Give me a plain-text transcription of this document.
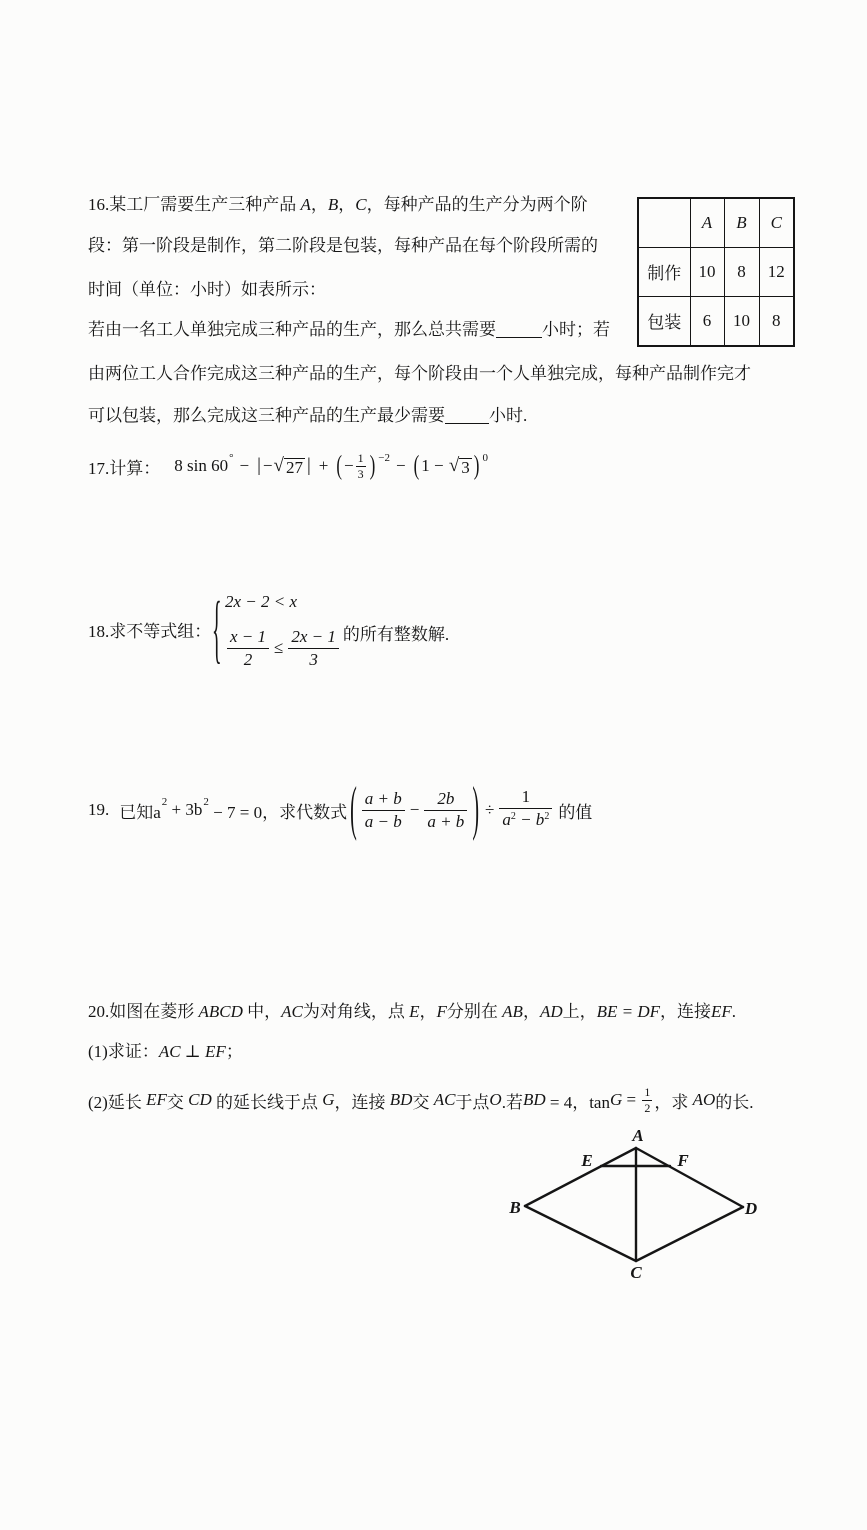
16.某工厂需要生产三种产品 A，B，C，每种产品的生产分为两个阶
段：第一阶段是制作，第二阶段是包装，每种产品在每个阶段所需的
时间（单位：小时）如表所示：
若由一名工人单独完成三种产品的生产，那么总共需要	小时；若
由两位工人合作完成这三种产品的生产，每个阶段由一个人单独完成，每种产品制作完才
可以包装，那么完成这三种产品的生产最少需要	小时.
	A	B	C
制作	10	8	12
包装	6	10	8
17.计算： 8 sin 60 ° − | − √ 27 | + ( − $\frac{1}{3}$ ) −2 − ( 1 − √ 3 ) 0
18.求不等式组： { 2x − 2 < x
$\frac{x - 1}{2} \le \frac{2x - 1}{3}$ 的所有整数解.
19. 已知a
2 + 3b 2
− 7 = 0，求代数式 ( $\frac{a + b}{a - b} - \frac{2b}{a + b}$ ) ÷ $\frac{1}{a^2 - b^2}$ 的值
20.如图在菱形 ABCD 中，AC为对角线，点 E，F分别在 AB，AD上，BE = DF，连接EF.
(1)求证：AC ⊥ EF；
(2)延长 EF 交 CD 的延长线于点 G ，连接 BD 交 AC 于点 O .若 BD = 4，$\tan G = \frac{1}{2}$ ，求 AO 的长.
A
B
C
D
E	F
